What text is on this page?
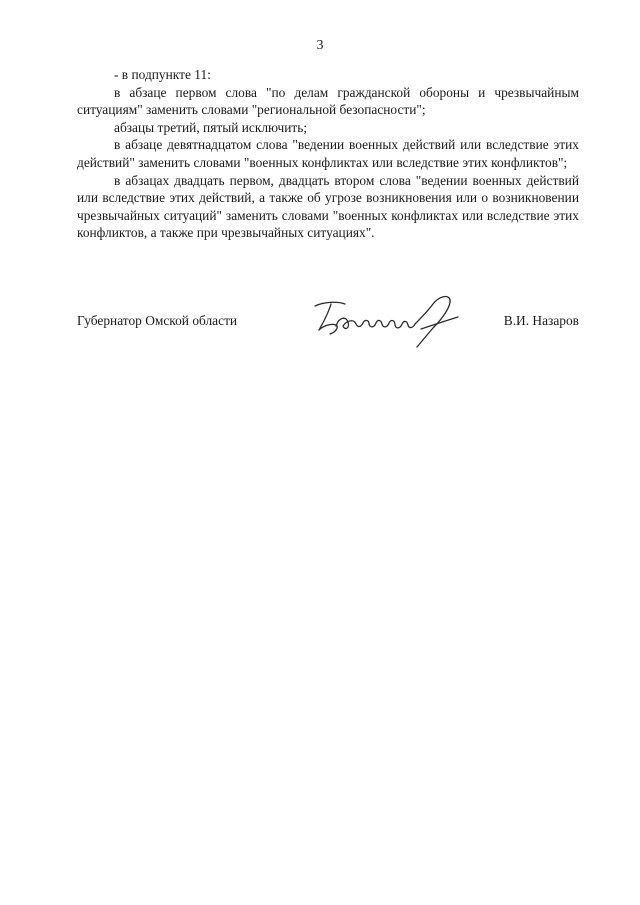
3

- в подпункте 11:

в абзаце первом слова "по делам гражданской обороны и чрезвычайным ситуациям" заменить словами "региональной безопасности";

абзацы третий, пятый исключить;

в абзаце девятнадцатом слова "ведении военных действий или вследствие этих действий" заменить словами "военных конфликтах или вследствие этих конфликтов";

в абзацах двадцать первом, двадцать втором слова "ведении военных действий или вследствие этих действий, а также об угрозе возникновения или о возникновении чрезвычайных ситуаций" заменить словами "военных конфликтах или вследствие этих конфликтов, а также при чрезвычайных ситуациях".

Губернатор Омской области	В.И. Назаров
